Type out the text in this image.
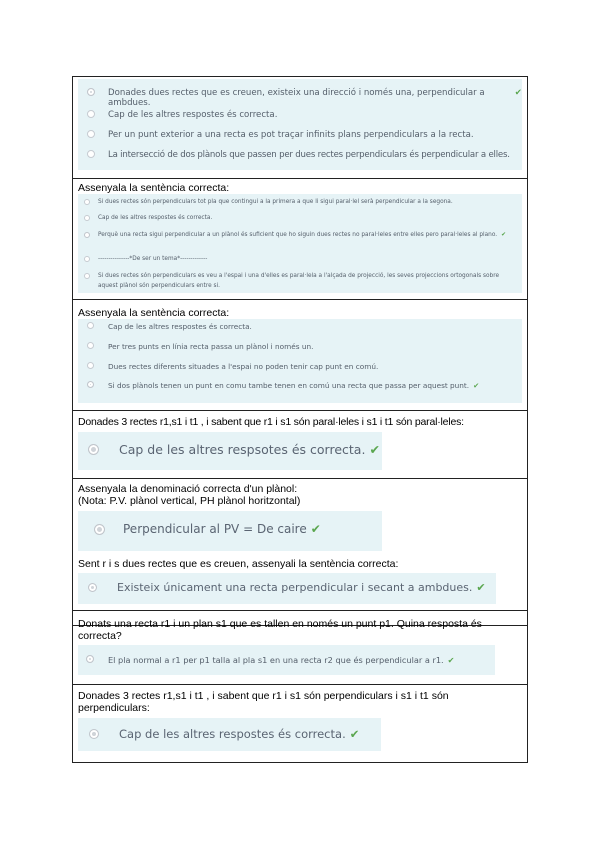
Donades dues rectes que es creuen, existeix una direcció i només una, perpendicular a ambdues.
✔
Cap de les altres respostes és correcta.
Per un punt exterior a una recta es pot traçar infinits plans perpendiculars a la recta.
La intersecció de dos plànols que passen per dues rectes perpendiculars és perpendicular a elles.

Assenyala la sentència correcta:

Si dues rectes són perpendiculars tot pla que contingui a la primera a que li sigui paral·lel serà perpendicular a la segona.
Cap de les altres respostes és correcta.
Perquè una recta sigui perpendicular a un plànol és suficient que ho siguin dues rectes no paral·leles entre elles pero paral·leles al plano. ✔
---------------*De ser un tema*-------------
Si dues rectes són perpendiculars es veu a l'espai i una d'elles es paral·lela a l'alçada de projecció, les seves projeccions ortogonals sobre aquest plànol són perpendiculars entre si.

Assenyala la sentència correcta:

Cap de les altres respostes és correcta.
Per tres punts en línia recta passa un plànol i només un.
Dues rectes diferents situades a l'espai no poden tenir cap punt en comú.
Si dos plànols tenen un punt en comu tambe tenen en comú una recta que passa per aquest punt. ✔

Donades 3 rectes r1,s1 i t1 , i sabent que r1 i s1 són paral·leles i s1 i t1 són paral·leles:

Cap de les altres respsotes és correcta. ✔

Assenyala la denominació correcta d'un plànol:

(Nota: P.V. plànol vertical, PH plànol horitzontal)

Perpendicular al PV = De caire ✔

Sent r i s dues rectes que es creuen, assenyali la sentència correcta:

Existeix únicament una recta perpendicular i secant a ambdues. ✔

Donats una recta r1 i un plan s1 que es tallen en només un punt p1. Quina resposta és

correcta?

El pla normal a r1 per p1 talla al pla s1 en una recta r2 que és perpendicular a r1. ✔

Donades 3 rectes r1,s1 i t1 , i sabent que r1 i s1 són perpendiculars i s1 i t1 són

perpendiculars:

Cap de les altres respostes és correcta. ✔
